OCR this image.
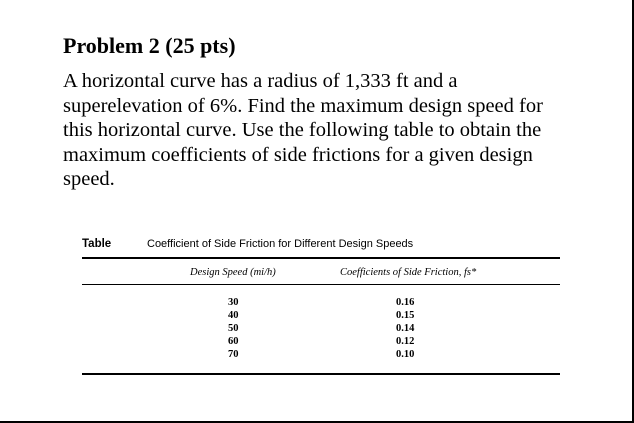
Problem 2 (25 pts)
A horizontal curve has a radius of 1,333 ft and a
superelevation of 6%. Find the maximum design speed for
this horizontal curve. Use the following table to obtain the
maximum coefficients of side frictions for a given design
speed.
Table	Coefficient of Side Friction for Different Design Speeds
Design Speed (mi/h)	Coefficients of Side Friction, fs*
30
40
50
60
70
0.16
0.15
0.14
0.12
0.10
